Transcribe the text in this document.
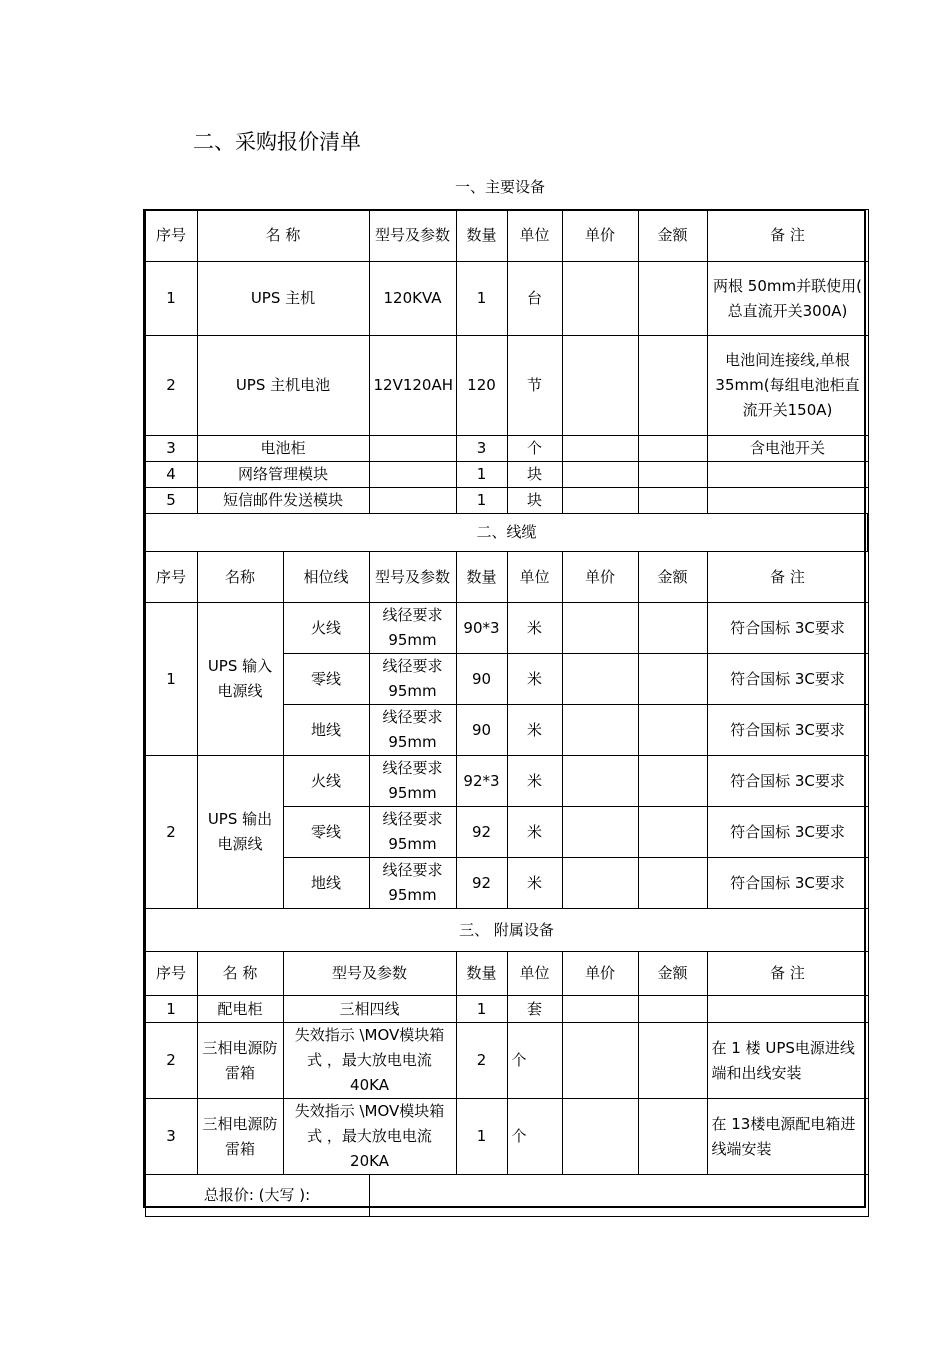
二、采购报价清单
一、主要设备
序号	名 称		型号及参数	数量	单位	单价	金额	备 注
1	UPS 主机		120KVA	1	台			两根 50mm并联使用( 总直流开关300A)
2	UPS 主机电池		12V120AH	120	节			电池间连接线,单根 35mm(每组电池柜直流开关150A)
3	电池柜			3	个			含电池开关
4	网络管理模块			1	块			
5	短信邮件发送模块			1	块			
二、线缆								
序号	名称	相位线	型号及参数	数量	单位	单价	金额	备 注
1	UPS 输入电源线	火线	线径要求95mm	90*3	米			符合国标 3C要求
		零线	线径要求95mm	90	米			符合国标 3C要求
		地线	线径要求95mm	90	米			符合国标 3C要求
2	UPS 输出电源线	火线	线径要求95mm	92*3	米			符合国标 3C要求
		零线	线径要求95mm	92	米			符合国标 3C要求
		地线	线径要求95mm	92	米			符合国标 3C要求
三、 附属设备								
序号	名 称	型号及参数		数量	单位	单价	金额	备 注
1	配电柜	三相四线		1	套			
2	三相电源防雷箱	失效指示 \MOV模块箱式 ，最大放电电流 40KA		2	个			在 1 楼 UPS电源进线端和出线安装
3	三相电源防雷箱	失效指示 \MOV模块箱式 ，最大放电电流 20KA		1	个			在 13楼电源配电箱进线端安装
总报价: (大写 ):								
